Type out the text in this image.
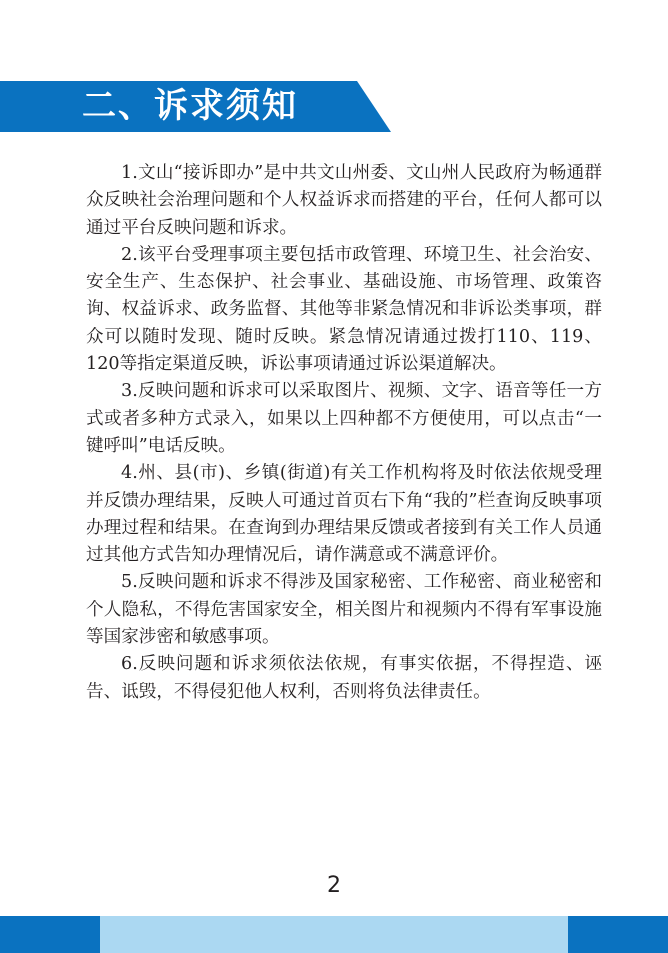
二、诉求须知

1.文山“接诉即办”是中共文山州委、文山州人民政府为畅通群众反映社会治理问题和个人权益诉求而搭建的平台，任何人都可以通过平台反映问题和诉求。

2.该平台受理事项主要包括市政管理、环境卫生、社会治安、安全生产、生态保护、社会事业、基础设施、市场管理、政策咨询、权益诉求、政务监督、其他等非紧急情况和非诉讼类事项，群众可以随时发现、随时反映。紧急情况请通过拨打110、119、120等指定渠道反映，诉讼事项请通过诉讼渠道解决。

3.反映问题和诉求可以采取图片、视频、文字、语音等任一方式或者多种方式录入，如果以上四种都不方便使用，可以点击“一键呼叫”电话反映。

4.州、县(市)、乡镇(街道)有关工作机构将及时依法依规受理并反馈办理结果，反映人可通过首页右下角“我的”栏查询反映事项办理过程和结果。在查询到办理结果反馈或者接到有关工作人员通过其他方式告知办理情况后，请作满意或不满意评价。

5.反映问题和诉求不得涉及国家秘密、工作秘密、商业秘密和个人隐私，不得危害国家安全，相关图片和视频内不得有军事设施等国家涉密和敏感事项。

6.反映问题和诉求须依法依规，有事实依据，不得捏造、诬告、诋毁，不得侵犯他人权利，否则将负法律责任。

2
